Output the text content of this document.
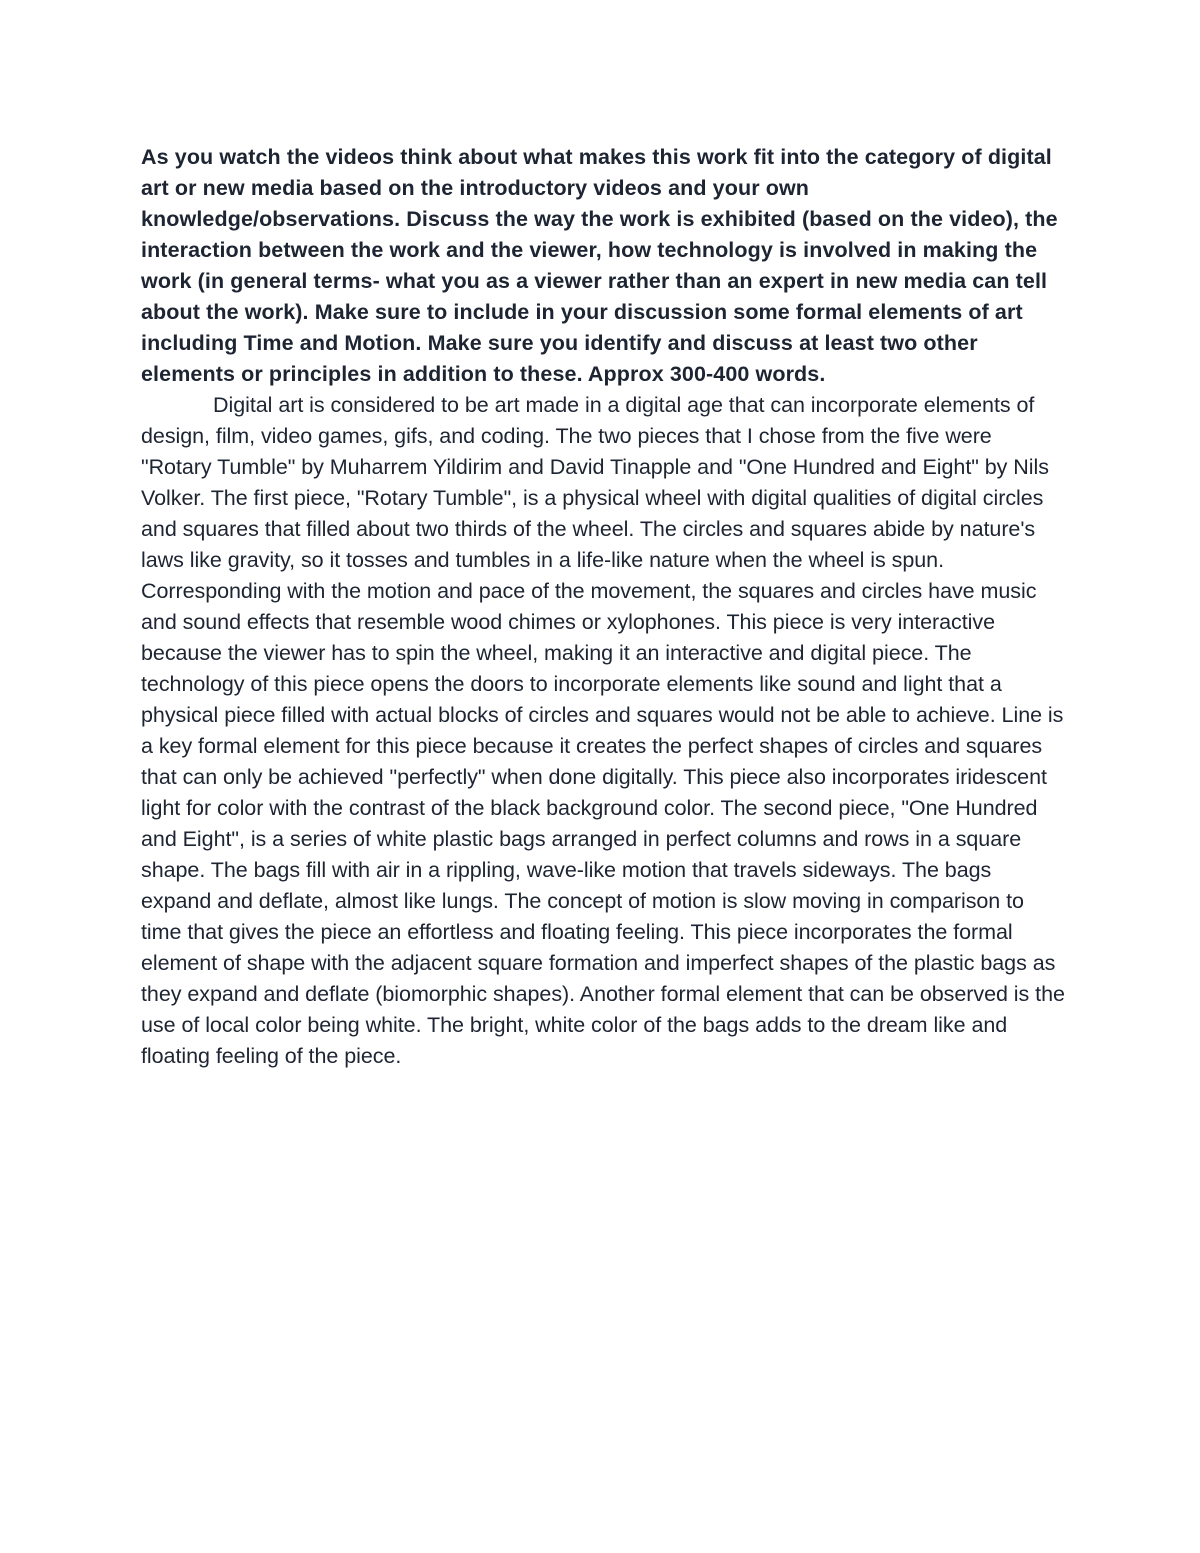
As you watch the videos think about what makes this work fit into the category of digital art or new media based on the introductory videos and your own knowledge/observations. Discuss the way the work is exhibited (based on the video), the interaction between the work and the viewer, how technology is involved in making the work (in general terms- what you as a viewer rather than an expert in new media can tell about the work). Make sure to include in your discussion some formal elements of art including Time and Motion. Make sure you identify and discuss at least two other elements or principles in addition to these. Approx 300-400 words.

Digital art is considered to be art made in a digital age that can incorporate elements of design, film, video games, gifs, and coding. The two pieces that I chose from the five were "Rotary Tumble" by Muharrem Yildirim and David Tinapple and "One Hundred and Eight" by Nils Volker. The first piece, "Rotary Tumble", is a physical wheel with digital qualities of digital circles and squares that filled about two thirds of the wheel. The circles and squares abide by nature's laws like gravity, so it tosses and tumbles in a life-like nature when the wheel is spun. Corresponding with the motion and pace of the movement, the squares and circles have music and sound effects that resemble wood chimes or xylophones. This piece is very interactive because the viewer has to spin the wheel, making it an interactive and digital piece. The technology of this piece opens the doors to incorporate elements like sound and light that a physical piece filled with actual blocks of circles and squares would not be able to achieve. Line is a key formal element for this piece because it creates the perfect shapes of circles and squares that can only be achieved "perfectly" when done digitally. This piece also incorporates iridescent light for color with the contrast of the black background color. The second piece, "One Hundred and Eight", is a series of white plastic bags arranged in perfect columns and rows in a square shape. The bags fill with air in a rippling, wave-like motion that travels sideways. The bags expand and deflate, almost like lungs. The concept of motion is slow moving in comparison to time that gives the piece an effortless and floating feeling. This piece incorporates the formal element of shape with the adjacent square formation and imperfect shapes of the plastic bags as they expand and deflate (biomorphic shapes). Another formal element that can be observed is the use of local color being white. The bright, white color of the bags adds to the dream like and floating feeling of the piece.
